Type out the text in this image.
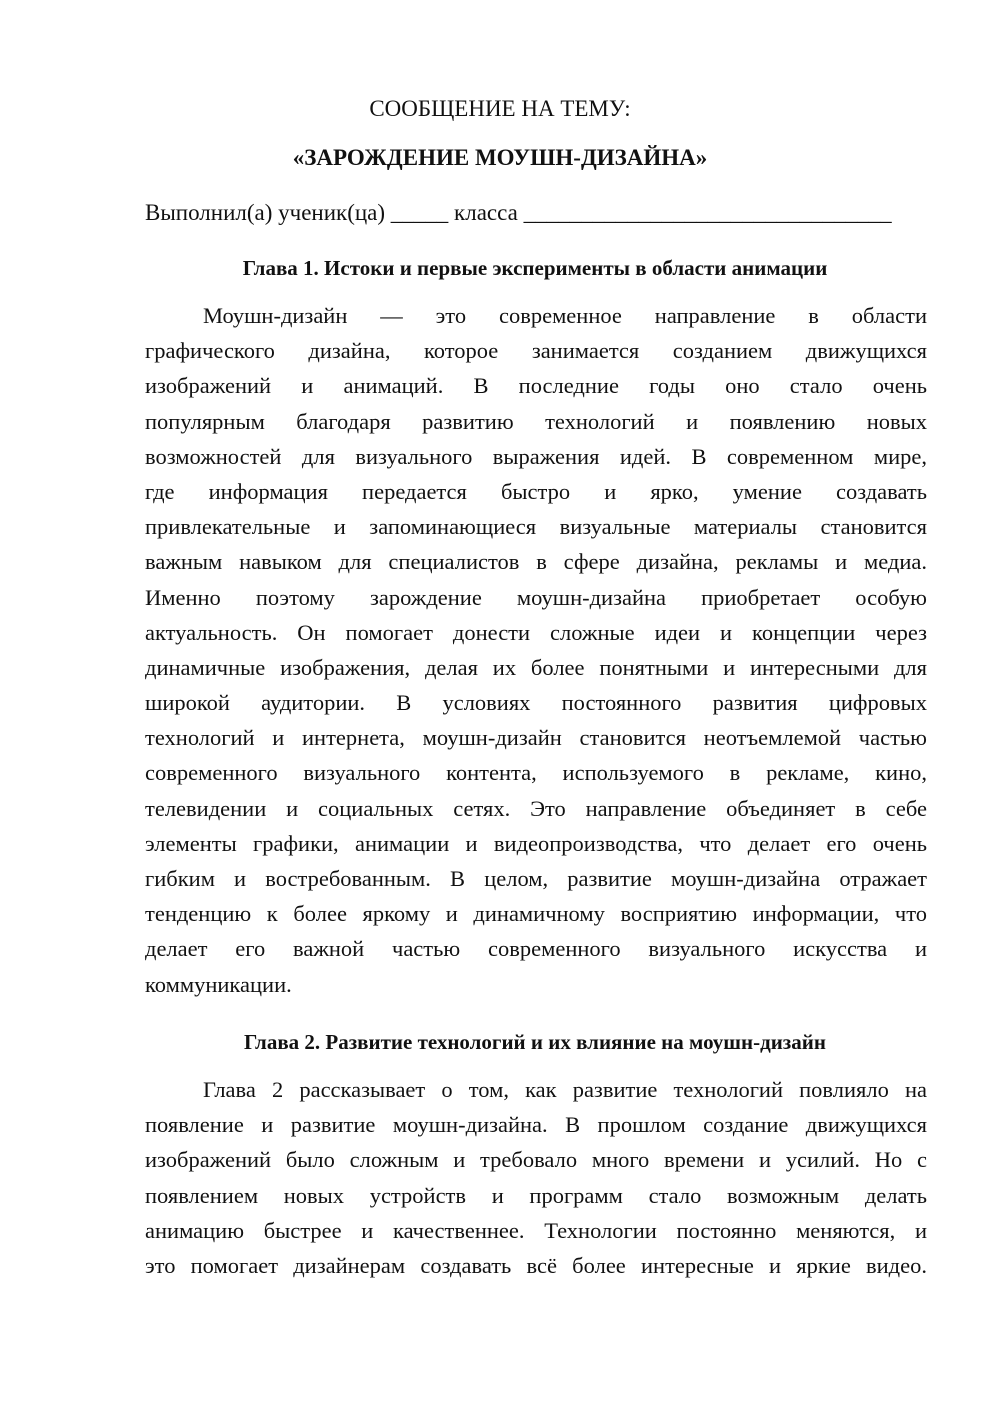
СООБЩЕНИЕ НА ТЕМУ:
«ЗАРОЖДЕНИЕ МОУШН-ДИЗАЙНА»
Выполнил(а) ученик(ца) _____ класса ________________________________
Глава 1. Истоки и первые эксперименты в области анимации
Моушн-дизайн — это современное направление в области
графического дизайна, которое занимается созданием движущихся
изображений и анимаций. В последние годы оно стало очень
популярным благодаря развитию технологий и появлению новых
возможностей для визуального выражения идей. В современном мире,
где информация передается быстро и ярко, умение создавать
привлекательные и запоминающиеся визуальные материалы становится
важным навыком для специалистов в сфере дизайна, рекламы и медиа.
Именно поэтому зарождение моушн-дизайна приобретает особую
актуальность. Он помогает донести сложные идеи и концепции через
динамичные изображения, делая их более понятными и интересными для
широкой аудитории. В условиях постоянного развития цифровых
технологий и интернета, моушн-дизайн становится неотъемлемой частью
современного визуального контента, используемого в рекламе, кино,
телевидении и социальных сетях. Это направление объединяет в себе
элементы графики, анимации и видеопроизводства, что делает его очень
гибким и востребованным. В целом, развитие моушн-дизайна отражает
тенденцию к более яркому и динамичному восприятию информации, что
делает его важной частью современного визуального искусства и
коммуникации.
Глава 2. Развитие технологий и их влияние на моушн-дизайн
Глава 2 рассказывает о том, как развитие технологий повлияло на
появление и развитие моушн-дизайна. В прошлом создание движущихся
изображений было сложным и требовало много времени и усилий. Но с
появлением новых устройств и программ стало возможным делать
анимацию быстрее и качественнее. Технологии постоянно меняются, и
это помогает дизайнерам создавать всё более интересные и яркие видео.
